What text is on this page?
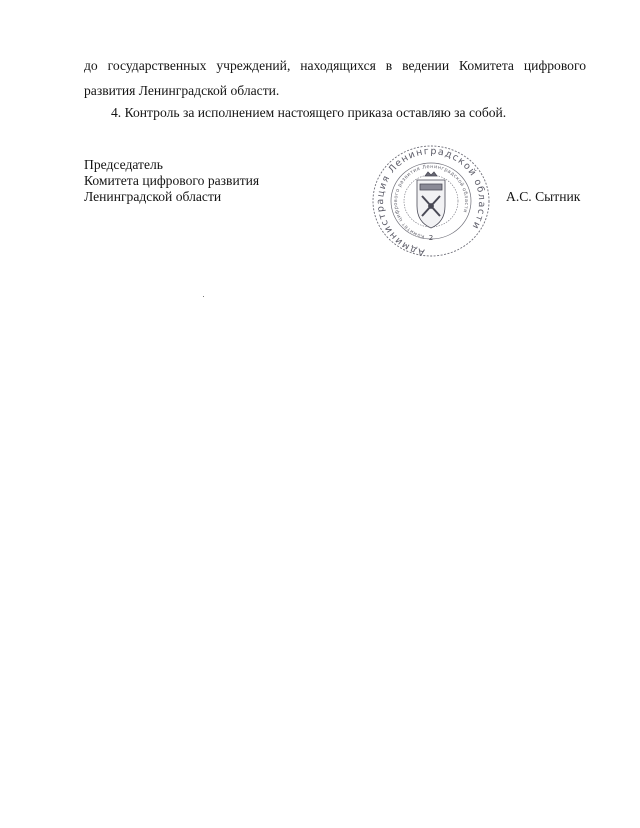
до государственных учреждений, находящихся в ведении Комитета цифрового
развития Ленинградской области.

4. Контроль за исполнением настоящего приказа оставляю за собой.

Председатель
Комитета цифрового развития
Ленинградской области
Администрация Ленинградской области
Комитет цифрового развития Ленинградской области
2
А.С. Сытник
